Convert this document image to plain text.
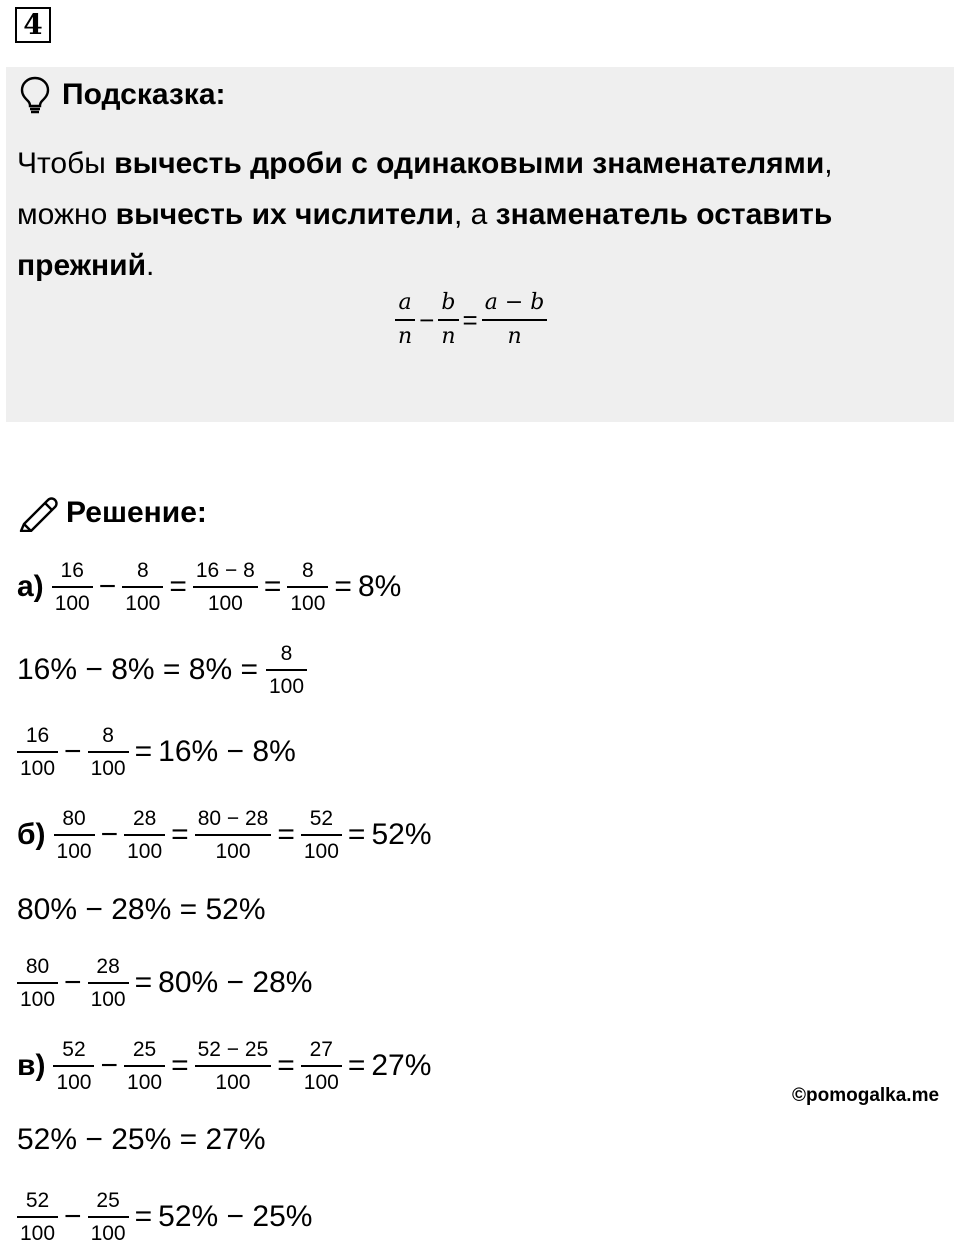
4
Подсказка:
Чтобы вычесть дроби с одинаковыми знаменателями, можно вычесть их числители, а знаменатель оставить прежний.
$\frac{a}{n} - \frac{b}{n} = \frac{a - b}{n}$
Решение:
$а) \frac{16}{100} - \frac{8}{100} = \frac{16 - 8}{100} = \frac{8}{100} = 8\%$
$16\% - 8\% = 8\% = \frac{8}{100}$
$\frac{16}{100} - \frac{8}{100} = 16\% - 8\%$
$б) \frac{80}{100} - \frac{28}{100} = \frac{80 - 28}{100} = \frac{52}{100} = 52\%$
80% − 28% = 52%
$\frac{80}{100} - \frac{28}{100} = 80\% - 28\%$
$в) \frac{52}{100} - \frac{25}{100} = \frac{52 - 25}{100} = \frac{27}{100} = 27\%$
52% − 25% = 27%
$\frac{52}{100} - \frac{25}{100} = 52\% - 25\%$
©pomogalka.me
